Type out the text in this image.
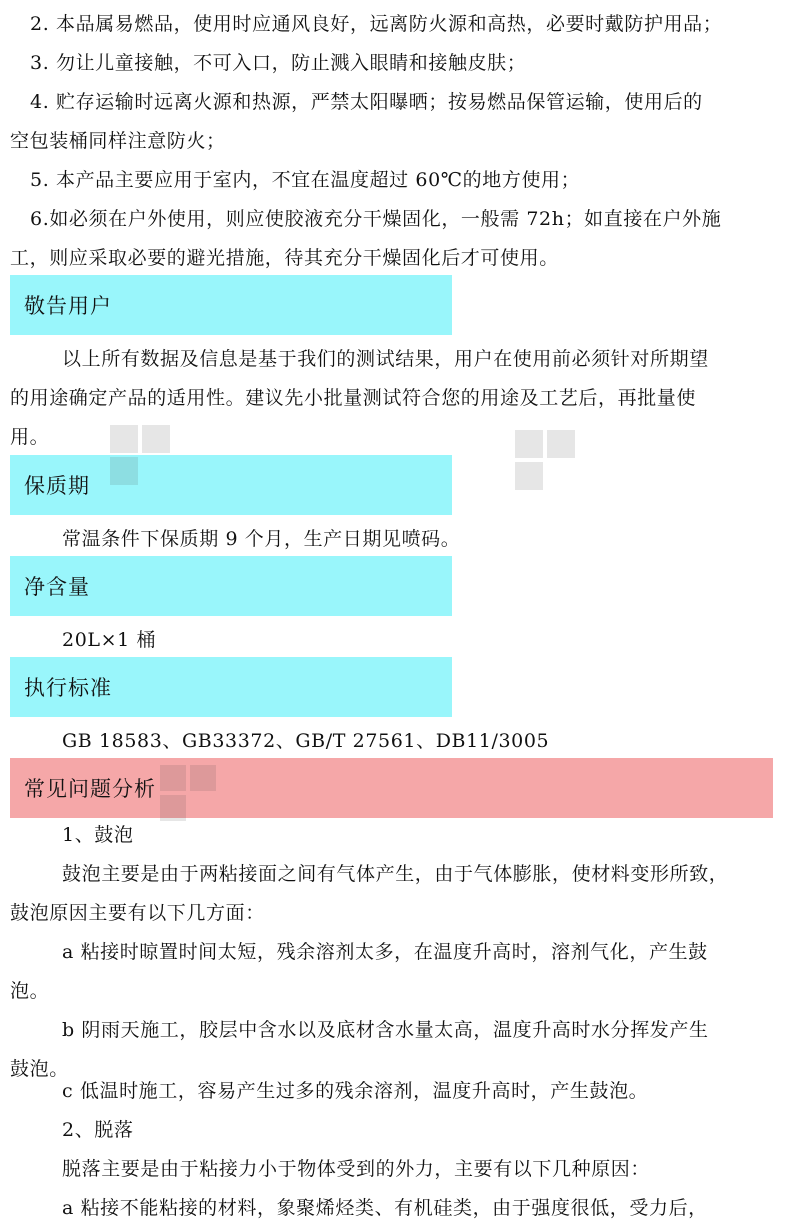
2. 本品属易燃品，使用时应通风良好，远离防火源和高热，必要时戴防护用品；
3. 勿让儿童接触，不可入口，防止溅入眼睛和接触皮肤；
4. 贮存运输时远离火源和热源，严禁太阳曝晒；按易燃品保管运输，使用后的
空包装桶同样注意防火；
5. 本产品主要应用于室内，不宜在温度超过 60℃的地方使用；
6.如必须在户外使用，则应使胶液充分干燥固化，一般需 72h；如直接在户外施
工，则应采取必要的避光措施，待其充分干燥固化后才可使用。
敬告用户
以上所有数据及信息是基于我们的测试结果，用户在使用前必须针对所期望
的用途确定产品的适用性。建议先小批量测试符合您的用途及工艺后，再批量使
用。
保质期
常温条件下保质期 9 个月，生产日期见喷码。
净含量
20L×1 桶
执行标准
GB 18583、GB33372、GB/T 27561、DB11/3005
常见问题分析
1、鼓泡
鼓泡主要是由于两粘接面之间有气体产生，由于气体膨胀，使材料变形所致，
鼓泡原因主要有以下几方面：
a 粘接时晾置时间太短，残余溶剂太多，在温度升高时，溶剂气化，产生鼓
泡。
b 阴雨天施工，胶层中含水以及底材含水量太高，温度升高时水分挥发产生
鼓泡。
c 低温时施工，容易产生过多的残余溶剂，温度升高时，产生鼓泡。
2、脱落
脱落主要是由于粘接力小于物体受到的外力，主要有以下几种原因：
a 粘接不能粘接的材料，象聚烯烃类、有机硅类，由于强度很低，受力后，
